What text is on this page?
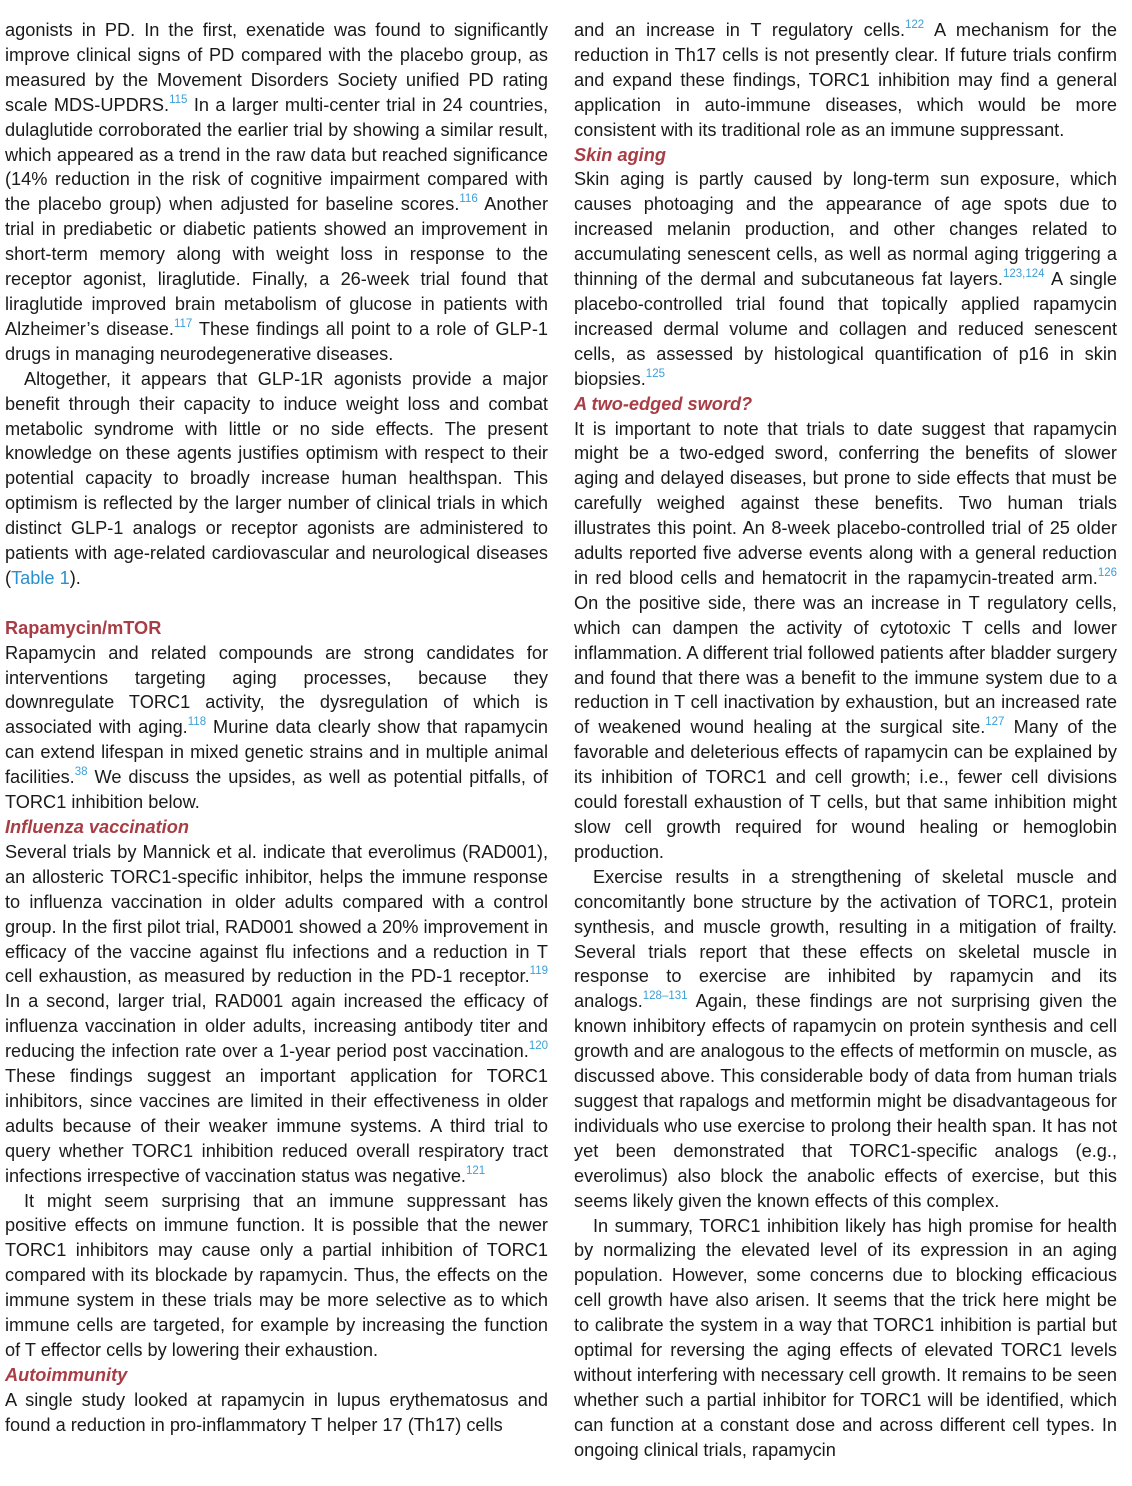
agonists in PD. In the first, exenatide was found to significantly improve clinical signs of PD compared with the placebo group, as measured by the Movement Disorders Society unified PD rating scale MDS-UPDRS.$^{115}$ In a larger multi-center trial in 24 countries, dulaglutide corroborated the earlier trial by showing a similar result, which appeared as a trend in the raw data but reached significance (14% reduction in the risk of cognitive impairment compared with the placebo group) when adjusted for baseline scores.$^{116}$ Another trial in prediabetic or diabetic patients showed an improvement in short-term memory along with weight loss in response to the receptor agonist, liraglutide. Finally, a 26-week trial found that liraglutide improved brain metabolism of glucose in patients with Alzheimer’s disease.$^{117}$ These findings all point to a role of GLP-1 drugs in managing neurodegenerative diseases.

Altogether, it appears that GLP-1R agonists provide a major benefit through their capacity to induce weight loss and combat metabolic syndrome with little or no side effects. The present knowledge on these agents justifies optimism with respect to their potential capacity to broadly increase human healthspan. This optimism is reflected by the larger number of clinical trials in which distinct GLP-1 analogs or receptor agonists are administered to patients with age-related cardiovascular and neurological diseases (Table 1).

Rapamycin/mTOR

Rapamycin and related compounds are strong candidates for interventions targeting aging processes, because they downregulate TORC1 activity, the dysregulation of which is associated with aging.$^{118}$ Murine data clearly show that rapamycin can extend lifespan in mixed genetic strains and in multiple animal facilities.$^{38}$ We discuss the upsides, as well as potential pitfalls, of TORC1 inhibition below.

Influenza vaccination

Several trials by Mannick et al. indicate that everolimus (RAD001), an allosteric TORC1-specific inhibitor, helps the immune response to influenza vaccination in older adults compared with a control group. In the first pilot trial, RAD001 showed a 20% improvement in efficacy of the vaccine against flu infections and a reduction in T cell exhaustion, as measured by reduction in the PD-1 receptor.$^{119}$ In a second, larger trial, RAD001 again increased the efficacy of influenza vaccination in older adults, increasing antibody titer and reducing the infection rate over a 1-year period post vaccination.$^{120}$ These findings suggest an important application for TORC1 inhibitors, since vaccines are limited in their effectiveness in older adults because of their weaker immune systems. A third trial to query whether TORC1 inhibition reduced overall respiratory tract infections irrespective of vaccination status was negative.$^{121}$

It might seem surprising that an immune suppressant has positive effects on immune function. It is possible that the newer TORC1 inhibitors may cause only a partial inhibition of TORC1 compared with its blockade by rapamycin. Thus, the effects on the immune system in these trials may be more selective as to which immune cells are targeted, for example by increasing the function of T effector cells by lowering their exhaustion.

Autoimmunity

A single study looked at rapamycin in lupus erythematosus and found a reduction in pro-inflammatory T helper 17 (Th17) cells

and an increase in T regulatory cells.$^{122}$ A mechanism for the reduction in Th17 cells is not presently clear. If future trials confirm and expand these findings, TORC1 inhibition may find a general application in auto-immune diseases, which would be more consistent with its traditional role as an immune suppressant.

Skin aging

Skin aging is partly caused by long-term sun exposure, which causes photoaging and the appearance of age spots due to increased melanin production, and other changes related to accumulating senescent cells, as well as normal aging triggering a thinning of the dermal and subcutaneous fat layers.$^{123,124}$ A single placebo-controlled trial found that topically applied rapamycin increased dermal volume and collagen and reduced senescent cells, as assessed by histological quantification of p16 in skin biopsies.$^{125}$

A two-edged sword?

It is important to note that trials to date suggest that rapamycin might be a two-edged sword, conferring the benefits of slower aging and delayed diseases, but prone to side effects that must be carefully weighed against these benefits. Two human trials illustrates this point. An 8-week placebo-controlled trial of 25 older adults reported five adverse events along with a general reduction in red blood cells and hematocrit in the rapamycin-treated arm.$^{126}$ On the positive side, there was an increase in T regulatory cells, which can dampen the activity of cytotoxic T cells and lower inflammation. A different trial followed patients after bladder surgery and found that there was a benefit to the immune system due to a reduction in T cell inactivation by exhaustion, but an increased rate of weakened wound healing at the surgical site.$^{127}$ Many of the favorable and deleterious effects of rapamycin can be explained by its inhibition of TORC1 and cell growth; i.e., fewer cell divisions could forestall exhaustion of T cells, but that same inhibition might slow cell growth required for wound healing or hemoglobin production.

Exercise results in a strengthening of skeletal muscle and concomitantly bone structure by the activation of TORC1, protein synthesis, and muscle growth, resulting in a mitigation of frailty. Several trials report that these effects on skeletal muscle in response to exercise are inhibited by rapamycin and its analogs.$^{128-131}$ Again, these findings are not surprising given the known inhibitory effects of rapamycin on protein synthesis and cell growth and are analogous to the effects of metformin on muscle, as discussed above. This considerable body of data from human trials suggest that rapalogs and metformin might be disadvantageous for individuals who use exercise to prolong their health span. It has not yet been demonstrated that TORC1-specific analogs (e.g., everolimus) also block the anabolic effects of exercise, but this seems likely given the known effects of this complex.

In summary, TORC1 inhibition likely has high promise for health by normalizing the elevated level of its expression in an aging population. However, some concerns due to blocking efficacious cell growth have also arisen. It seems that the trick here might be to calibrate the system in a way that TORC1 inhibition is partial but optimal for reversing the aging effects of elevated TORC1 levels without interfering with necessary cell growth. It remains to be seen whether such a partial inhibitor for TORC1 will be identified, which can function at a constant dose and across different cell types. In ongoing clinical trials, rapamycin
